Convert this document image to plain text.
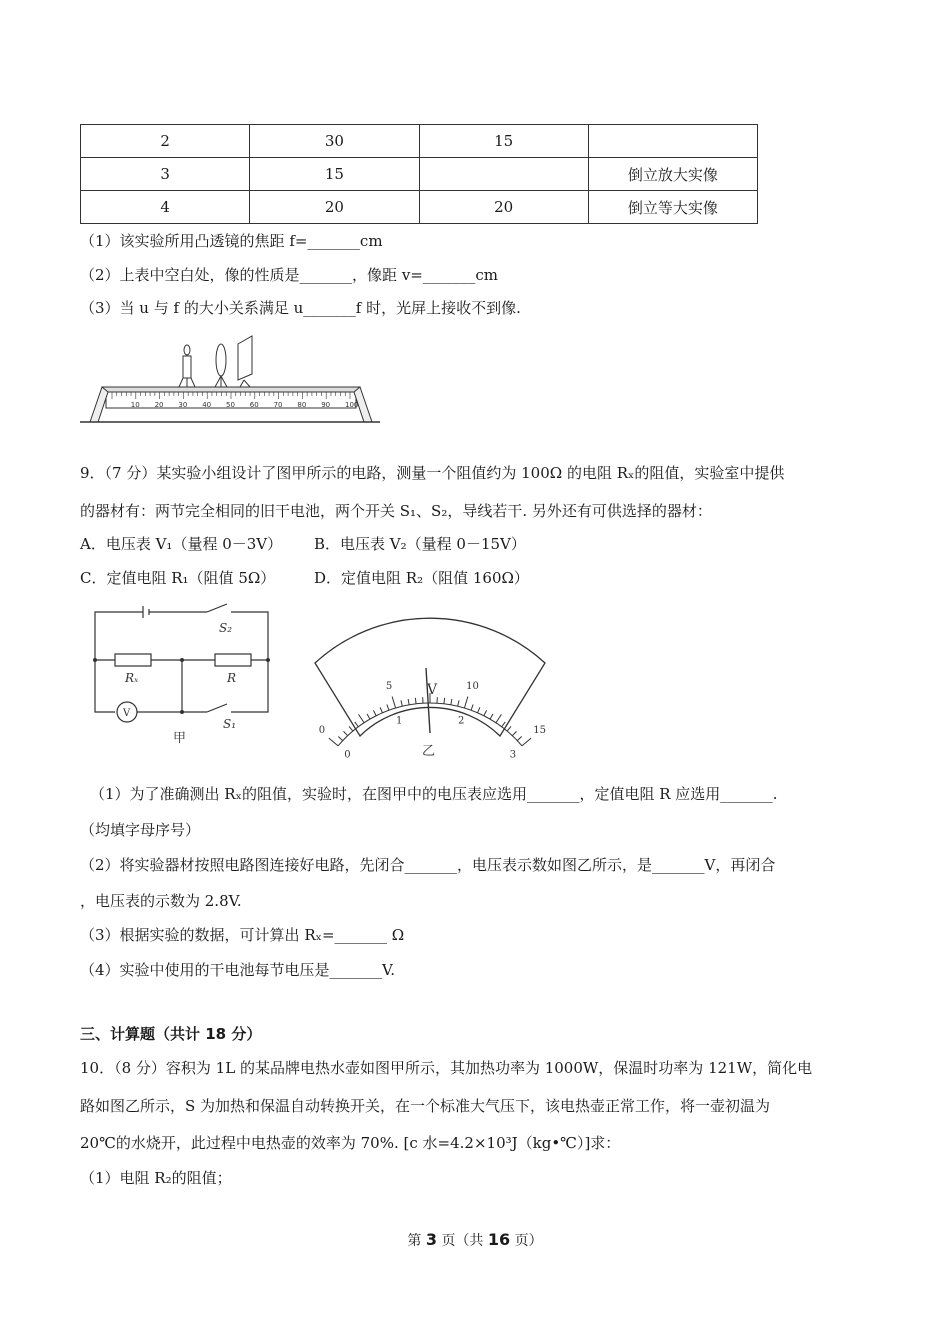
2	30	15	
3	15		倒立放大实像
4	20	20	倒立等大实像
（1）该实验所用凸透镜的焦距 f=_______cm
（2）上表中空白处，像的性质是_______，像距 v=_______cm
（3）当 u 与 f 的大小关系满足 u_______f 时，光屏上接收不到像.
10 20 30 40 50 60 70 80 90 100
9．（7 分）某实验小组设计了图甲所示的电路，测量一个阻值约为 100Ω 的电阻 Rₓ的阻值，实验室中提供
的器材有：两节完全相同的旧干电池，两个开关 S₁、S₂，导线若干. 另外还有可供选择的器材：
A．电压表 V₁（量程 0－3V） B．电压表 V₂（量程 0－15V）
C．定值电阻 R₁（阻值 5Ω）	D．定值电阻 R₂（阻值 160Ω）
S₂
Rₓ	R
V
S₁
甲
0
5	10
15
0
1	2
3
V
乙
（1）为了准确测出 Rₓ的阻值，实验时，在图甲中的电压表应选用_______，定值电阻 R 应选用_______.
（均填字母序号）
（2）将实验器材按照电路图连接好电路，先闭合_______，电压表示数如图乙所示，是_______V，再闭合
，电压表的示数为 2.8V.
（3）根据实验的数据，可计算出 Rₓ=_______ Ω
（4）实验中使用的干电池每节电压是_______V.
三、计算题（共计 18 分）
10．（8 分）容积为 1L 的某品牌电热水壶如图甲所示，其加热功率为 1000W，保温时功率为 121W，简化电
路如图乙所示，S 为加热和保温自动转换开关，在一个标准大气压下，该电热壶正常工作，将一壶初温为
20℃的水烧开，此过程中电热壶的效率为 70%. [c 水=4.2×10³J（kg•℃）]求：
（1）电阻 R₂的阻值；
第 3 页（共 16 页）
